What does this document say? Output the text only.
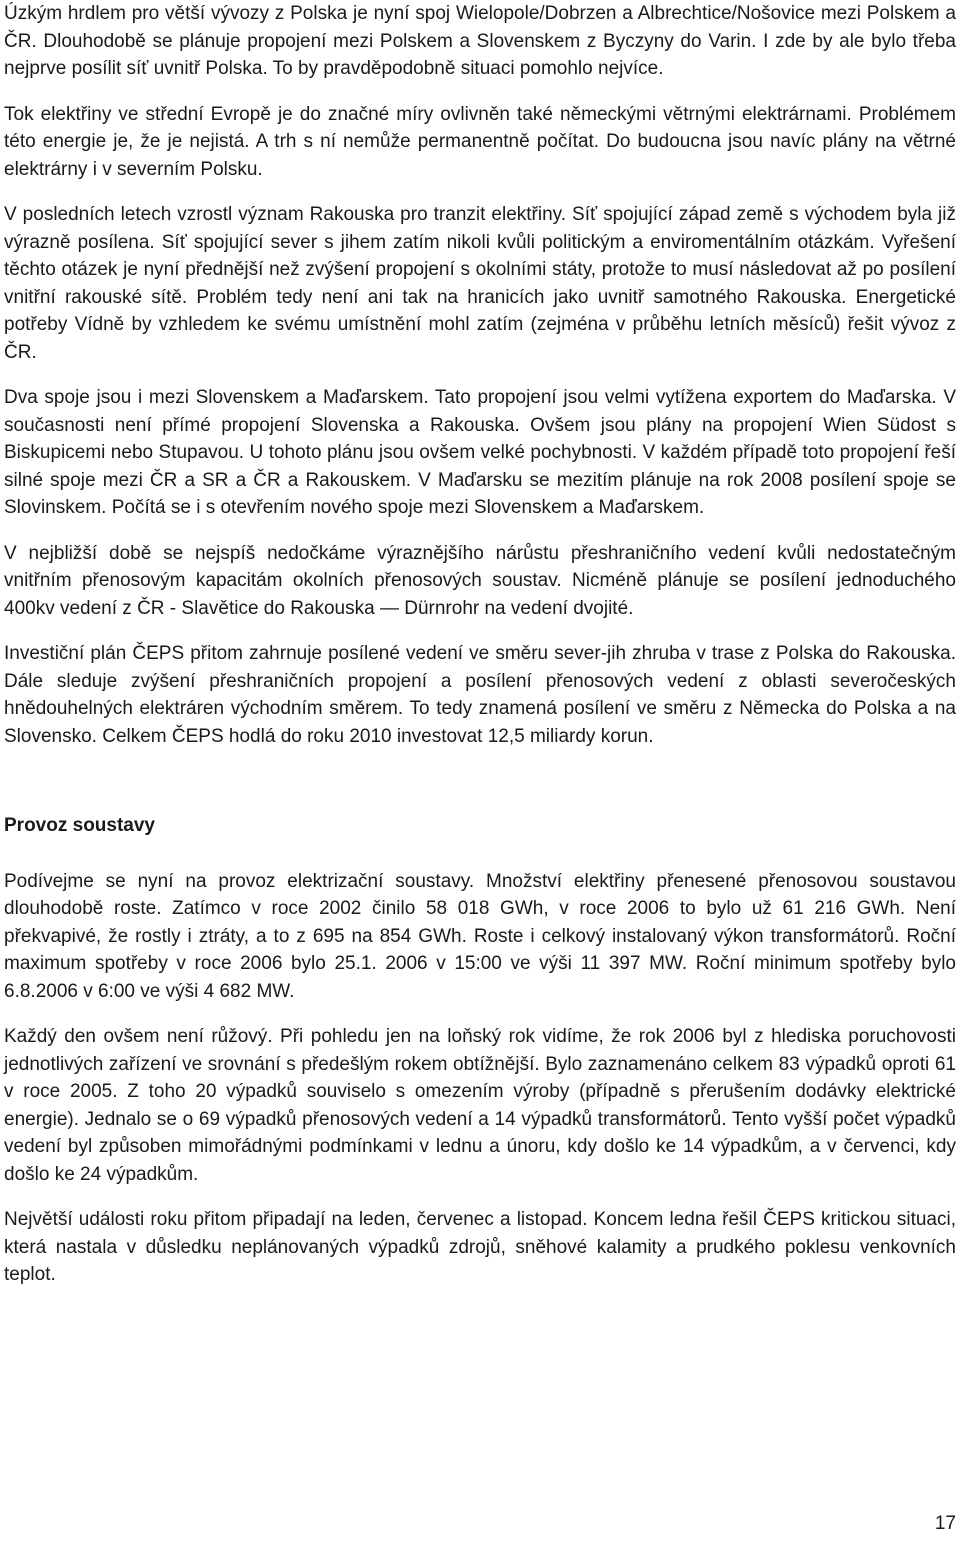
Úzkým hrdlem pro větší vývozy z Polska je nyní spoj Wielopole/Dobrzen a Albrechtice/Nošovice mezi Polskem a ČR. Dlouhodobě se plánuje propojení mezi Polskem a Slovenskem z Byczyny do Varin. I zde by ale bylo třeba nejprve posílit síť uvnitř Polska. To by pravděpodobně situaci pomohlo nejvíce.

Tok elektřiny ve střední Evropě je do značné míry ovlivněn také německými větrnými elektrárnami. Problémem této energie je, že je nejistá. A trh s ní nemůže permanentně počítat. Do budoucna jsou navíc plány na větrné elektrárny i v severním Polsku.

V posledních letech vzrostl význam Rakouska pro tranzit elektřiny. Síť spojující západ země s východem byla již výrazně posílena. Síť spojující sever s jihem zatím nikoli kvůli politickým a enviromentálním otázkám. Vyřešení těchto otázek je nyní přednější než zvýšení propojení s okolními státy, protože to musí následovat až po posílení vnitřní rakouské sítě. Problém tedy není ani tak na hranicích jako uvnitř samotného Rakouska. Energetické potřeby Vídně by vzhledem ke svému umístnění mohl zatím (zejména v průběhu letních měsíců) řešit vývoz z ČR.

Dva spoje jsou i mezi Slovenskem a Maďarskem. Tato propojení jsou velmi vytížena exportem do Maďarska. V současnosti není přímé propojení Slovenska a Rakouska. Ovšem jsou plány na propojení Wien Südost s Biskupicemi nebo Stupavou. U tohoto plánu jsou ovšem velké pochybnosti. V každém případě toto propojení řeší silné spoje mezi ČR a SR a ČR a Rakouskem. V Maďarsku se mezitím plánuje na rok 2008 posílení spoje se Slovinskem. Počítá se i s otevřením nového spoje mezi Slovenskem a Maďarskem.

V nejbližší době se nejspíš nedočkáme výraznějšího nárůstu přeshraničního vedení kvůli nedostatečným vnitřním přenosovým kapacitám okolních přenosových soustav. Nicméně plánuje se posílení jednoduchého 400kv vedení z ČR - Slavětice do Rakouska — Dürnrohr na vedení dvojité.

Investiční plán ČEPS přitom zahrnuje posílené vedení ve směru sever-jih zhruba v trase z Polska do Rakouska. Dále sleduje zvýšení přeshraničních propojení a posílení přenosových vedení z oblasti severočeských hnědouhelných elektráren východním směrem. To tedy znamená posílení ve směru z Německa do Polska a na Slovensko. Celkem ČEPS hodlá do roku 2010 investovat 12,5 miliardy korun.

Provoz soustavy

Podívejme se nyní na provoz elektrizační soustavy. Množství elektřiny přenesené přenosovou soustavou dlouhodobě roste. Zatímco v roce 2002 činilo 58 018 GWh, v roce 2006 to bylo už 61 216 GWh. Není překvapivé, že rostly i ztráty, a to z 695 na 854 GWh. Roste i celkový instalovaný výkon transformátorů. Roční maximum spotřeby v roce 2006 bylo 25.1. 2006 v 15:00 ve výši 11 397 MW. Roční minimum spotřeby bylo 6.8.2006 v 6:00 ve výši 4 682 MW.

Každý den ovšem není růžový. Při pohledu jen na loňský rok vidíme, že rok 2006 byl z hlediska poruchovosti jednotlivých zařízení ve srovnání s předešlým rokem obtížnější. Bylo zaznamenáno celkem 83 výpadků oproti 61 v roce 2005. Z toho 20 výpadků souviselo s omezením výroby (případně s přerušením dodávky elektrické energie). Jednalo se o 69 výpadků přenosových vedení a 14 výpadků transformátorů. Tento vyšší počet výpadků vedení byl způsoben mimořádnými podmínkami v lednu a únoru, kdy došlo ke 14 výpadkům, a v červenci, kdy došlo ke 24 výpadkům.

Největší události roku přitom připadají na leden, červenec a listopad. Koncem ledna řešil ČEPS kritickou situaci, která nastala v důsledku neplánovaných výpadků zdrojů, sněhové kalamity a prudkého poklesu venkovních teplot.

17
